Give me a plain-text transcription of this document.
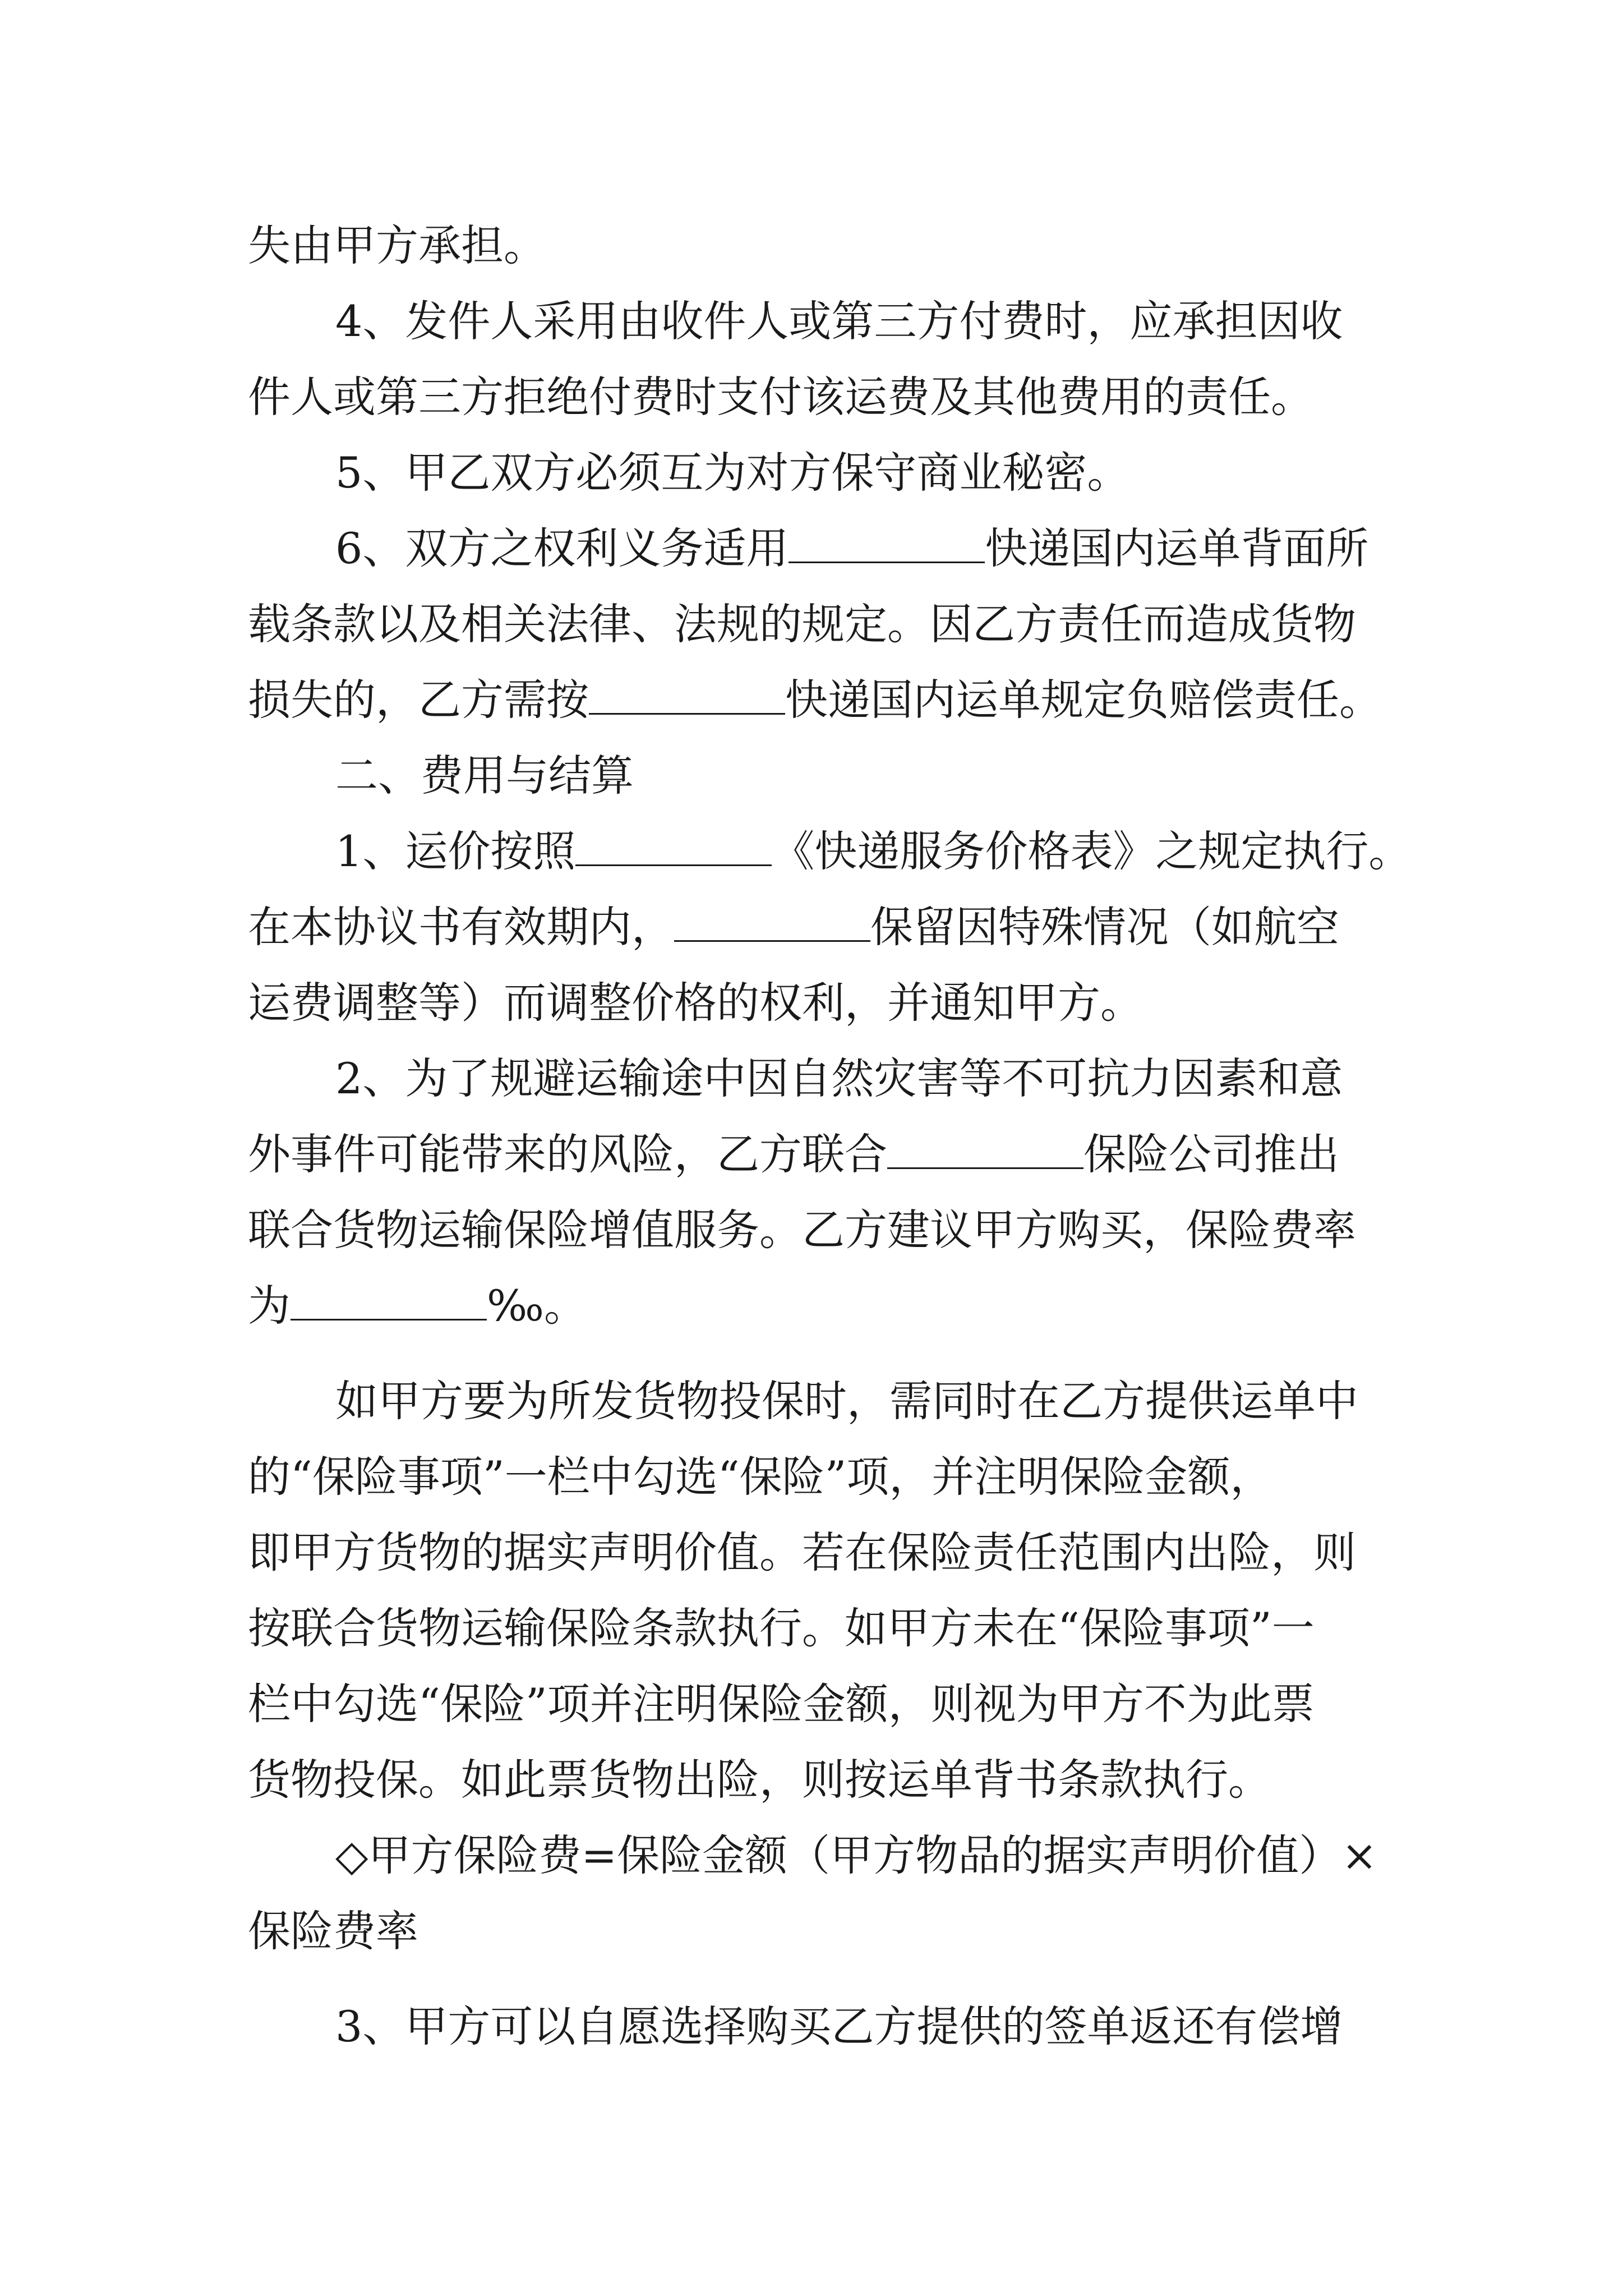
失由甲方承担。
4、发件人采用由收件人或第三方付费时，应承担因收
件人或第三方拒绝付费时支付该运费及其他费用的责任。
5、甲乙双方必须互为对方保守商业秘密。
6、双方之权利义务适用	快递国内运单背面所
载条款以及相关法律、法规的规定。因乙方责任而造成货物
损失的，乙方需按	快递国内运单规定负赔偿责任。
二、费用与结算
1、运价按照	《快递服务价格表》之规定执行。
在本协议书有效期内，	保留因特殊情况（如航空
运费调整等）而调整价格的权利，并通知甲方。
2、为了规避运输途中因自然灾害等不可抗力因素和意
外事件可能带来的风险，乙方联合	保险公司推出
联合货物运输保险增值服务。乙方建议甲方购买，保险费率
为	‰。
如甲方要为所发货物投保时，需同时在乙方提供运单中
的“保险事项”一栏中勾选“保险”项，并注明保险金额，
即甲方货物的据实声明价值。若在保险责任范围内出险，则
按联合货物运输保险条款执行。如甲方未在“保险事项”一
栏中勾选“保险”项并注明保险金额，则视为甲方不为此票
货物投保。如此票货物出险，则按运单背书条款执行。
◇甲方保险费=保险金额（甲方物品的据实声明价值）×
保险费率
3、甲方可以自愿选择购买乙方提供的签单返还有偿增
